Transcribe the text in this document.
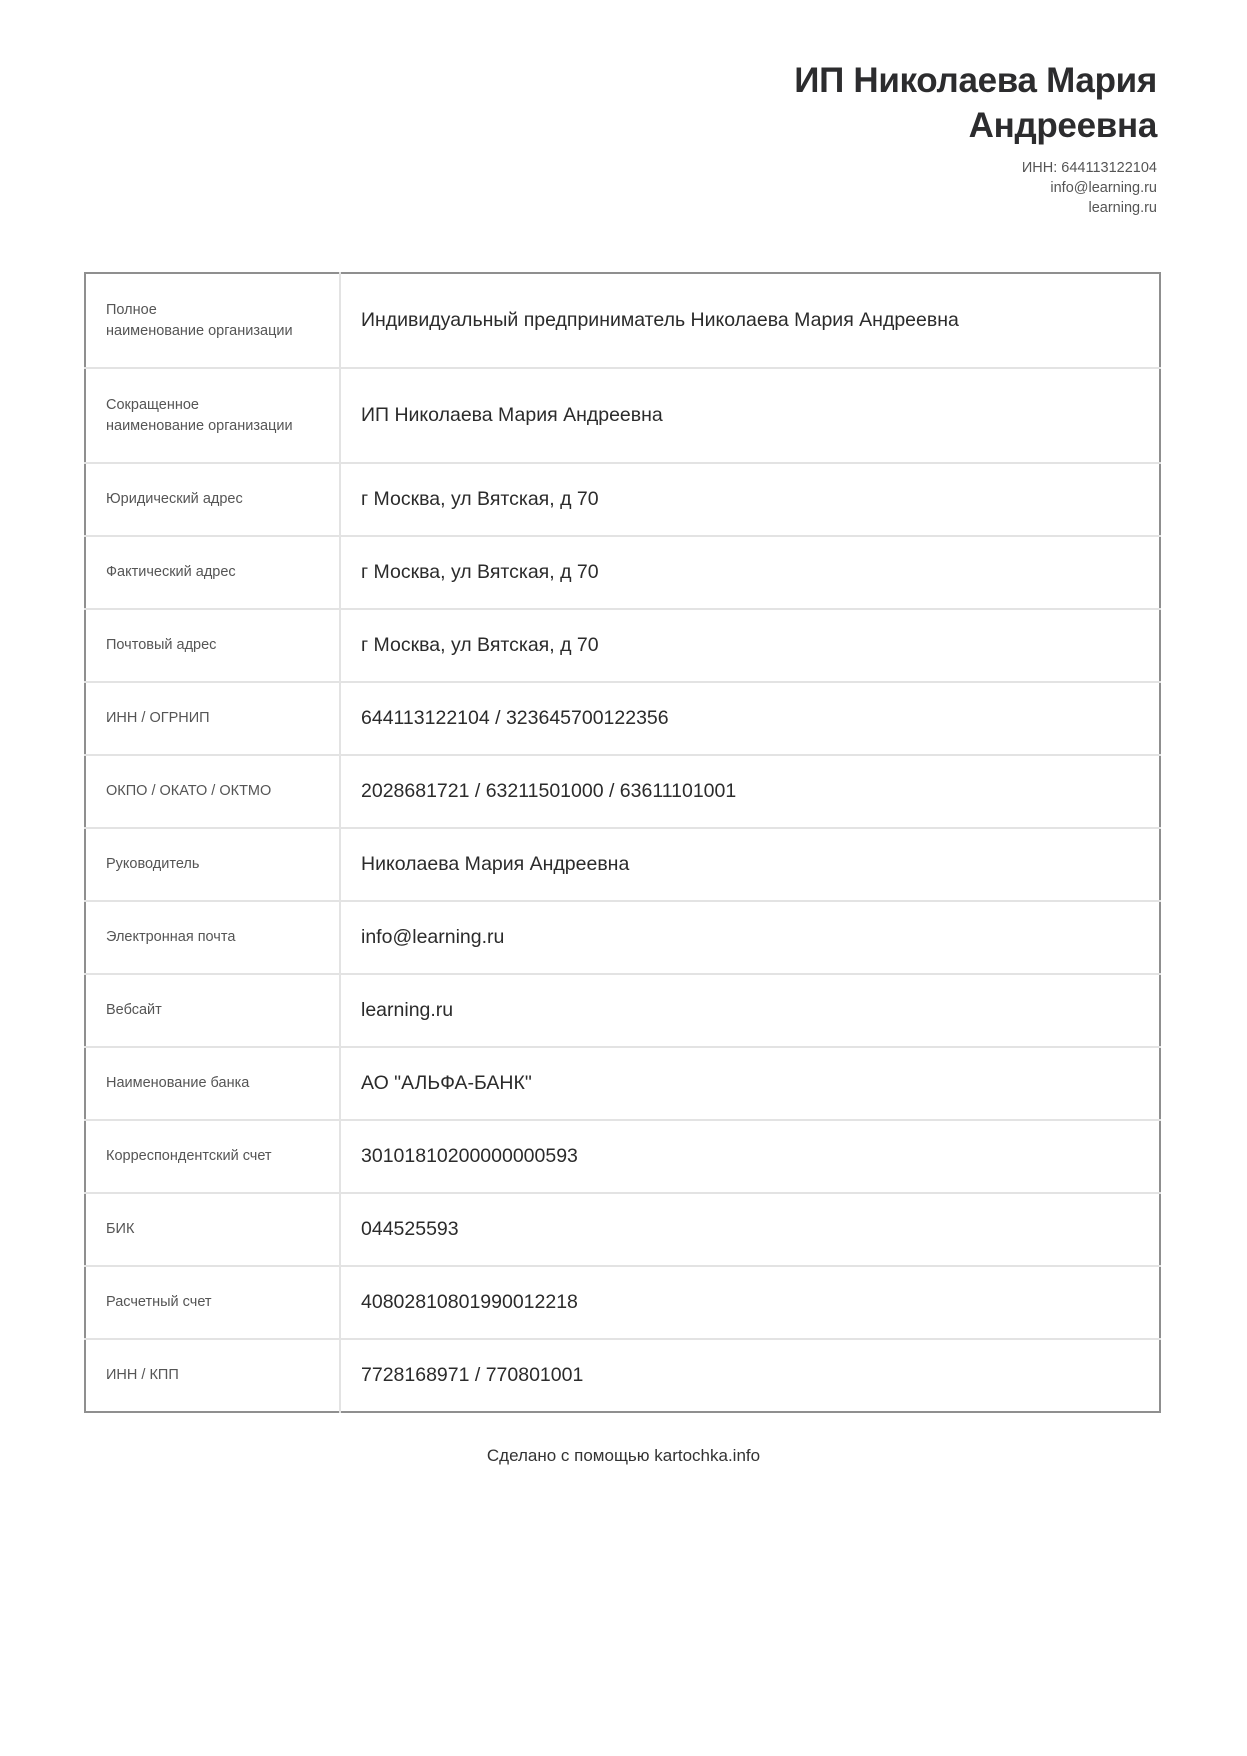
ИП Николаева Мария
Андреевна
ИНН: 644113122104
info@learning.ru
learning.ru
Полное
наименование организации	Индивидуальный предприниматель Николаева Мария Андреевна

Сокращенное
наименование организации	ИП Николаева Мария Андреевна
Юридический адрес	г Москва, ул Вятская, д 70
Фактический адрес	г Москва, ул Вятская, д 70
Почтовый адрес	г Москва, ул Вятская, д 70
ИНН / ОГРНИП	644113122104 / 323645700122356
ОКПО / ОКАТО / ОКТМО	2028681721 / 63211501000 / 63611101001
Руководитель	Николаева Мария Андреевна
Электронная почта	info@learning.ru
Вебсайт	learning.ru
Наименование банка	АО "АЛЬФА-БАНК"
Корреспондентский счет	30101810200000000593
БИК	044525593
Расчетный счет	40802810801990012218
ИНН / КПП	7728168971 / 770801001
Сделано с помощью kartochka.info
